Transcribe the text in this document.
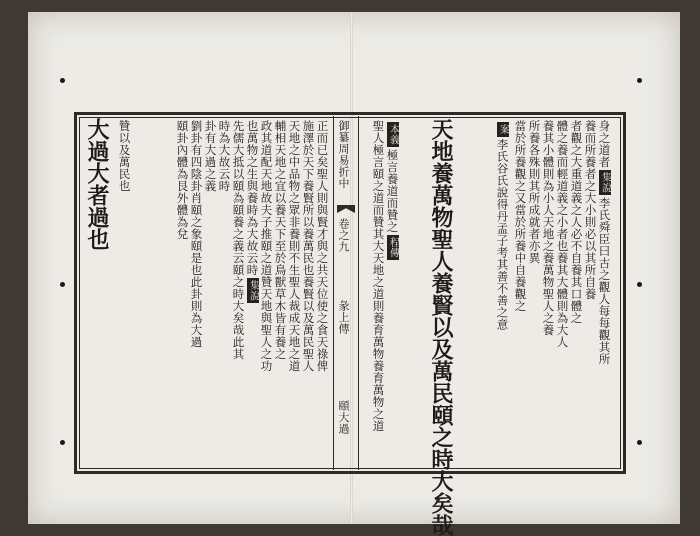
御纂周易折中
卷之九
彖上傳
頤大過
身之道者集說李氏舜臣曰古之觀人每每觀其所
養而所養者之大小則必以其所自養
者觀之大重道義之人必不自養其口體之
體之養而輕道義之小者也養其大體則為大人
養其小體則為小人天地之養萬物聖人之養
所養各殊則其所成就者亦異
當於所養觀之又當於所養中自養觀之
案李氏谷氏說得丹孟子考其善不善之意
天地養萬物聖人養賢以及萬民頤之時大矣哉
本義極言養道而贊之程傳
聖人極言頤之道而贊其大天地之道則養育萬物養育萬物之道
正而已矣聖人則與賢才與之共天位使之食天祿俾
施澤於天下養賢所以養萬民也養賢以及萬民聖人
天地之中品物之眾非養則不生聖人裁成天地之道
輔相天地之宜以養天下至於鳥獸草木皆有養之
政其道配天地故夫子推頤之道贊天地與聖人之功
也萬物之生與養時為大故云時集說
先儒大抵以頤為頤養之義云頤之時大矣哉此其
時為大故云時
卦有大過之義
劉卦有四陰卦肖頤之象頤是也此卦則為大過
頤卦內體為艮外體為兌
贊以及萬民也
大過大者過也
